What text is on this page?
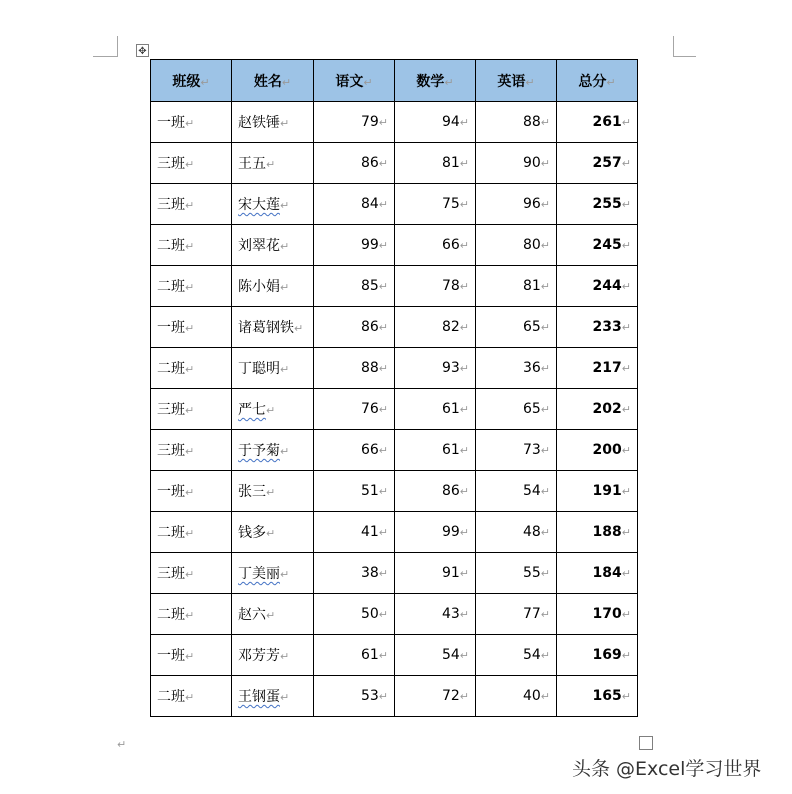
✥
班级↵	姓名↵	语文↵	数学↵	英语↵	总分↵
一班↵	赵铁锤↵	79↵	94↵	88↵	261↵
三班↵	王五↵	86↵	81↵	90↵	257↵
三班↵	宋大莲↵	84↵	75↵	96↵	255↵
二班↵	刘翠花↵	99↵	66↵	80↵	245↵
二班↵	陈小娟↵	85↵	78↵	81↵	244↵
一班↵	诸葛钢铁↵	86↵	82↵	65↵	233↵
二班↵	丁聪明↵	88↵	93↵	36↵	217↵
三班↵	严七↵	76↵	61↵	65↵	202↵
三班↵	于予菊↵	66↵	61↵	73↵	200↵
一班↵	张三↵	51↵	86↵	54↵	191↵
二班↵	钱多↵	41↵	99↵	48↵	188↵
三班↵	丁美丽↵	38↵	91↵	55↵	184↵
二班↵	赵六↵	50↵	43↵	77↵	170↵
一班↵	邓芳芳↵	61↵	54↵	54↵	169↵
二班↵	王钢蛋↵	53↵	72↵	40↵	165↵
↵
头条 @Excel学习世界
